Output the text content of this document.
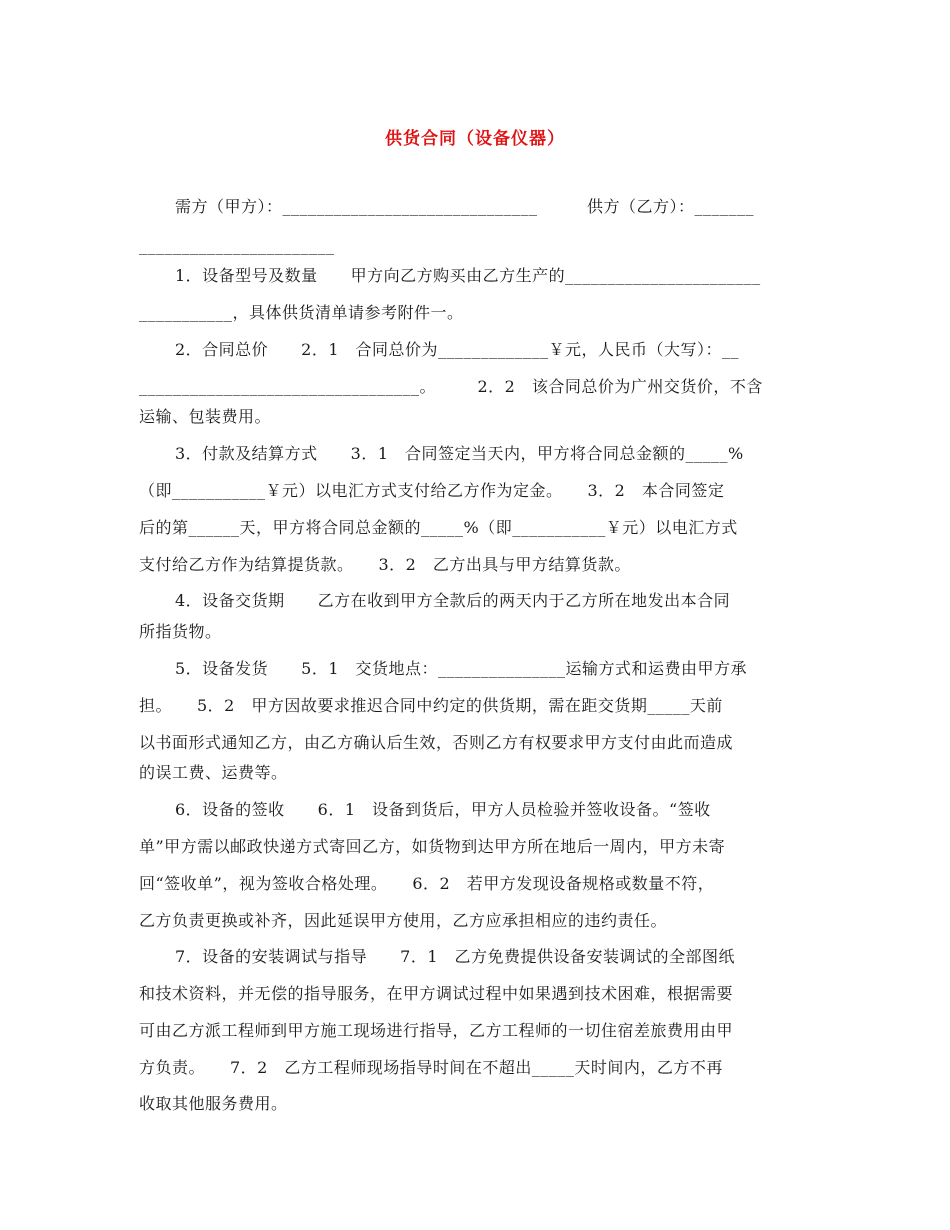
供货合同（设备仪器）
需方（甲方）：______________________________　　　供方（乙方）：_______
_______________________
1．设备型号及数量　　甲方向乙方购买由乙方生产的_______________________
___________，具体供货清单请参考附件一。
2．合同总价　　2．1　合同总价为_____________￥元，人民币（大写）：__
_________________________________。　　　2．2　该合同总价为广州交货价，不含
运输、包装费用。
3．付款及结算方式　　3．1　合同签定当天内，甲方将合同总金额的_____%
（即___________￥元）以电汇方式支付给乙方作为定金。　　3．2　本合同签定
后的第______天，甲方将合同总金额的_____%（即___________￥元）以电汇方式
支付给乙方作为结算提货款。　　3．2　乙方出具与甲方结算货款。
4．设备交货期　　乙方在收到甲方全款后的两天内于乙方所在地发出本合同
所指货物。
5．设备发货　　5．1　交货地点：_______________运输方式和运费由甲方承
担。　　5．2　甲方因故要求推迟合同中约定的供货期，需在距交货期_____天前
以书面形式通知乙方，由乙方确认后生效，否则乙方有权要求甲方支付由此而造成
的误工费、运费等。
6．设备的签收　　6．1　设备到货后，甲方人员检验并签收设备。“签收
单”甲方需以邮政快递方式寄回乙方，如货物到达甲方所在地后一周内，甲方未寄
回“签收单”，视为签收合格处理。　　6．2　若甲方发现设备规格或数量不符，
乙方负责更换或补齐，因此延误甲方使用，乙方应承担相应的违约责任。
7．设备的安装调试与指导　　7．1　乙方免费提供设备安装调试的全部图纸
和技术资料，并无偿的指导服务，在甲方调试过程中如果遇到技术困难，根据需要
可由乙方派工程师到甲方施工现场进行指导，乙方工程师的一切住宿差旅费用由甲
方负责。　　7．2　乙方工程师现场指导时间在不超出_____天时间内，乙方不再
收取其他服务费用。
